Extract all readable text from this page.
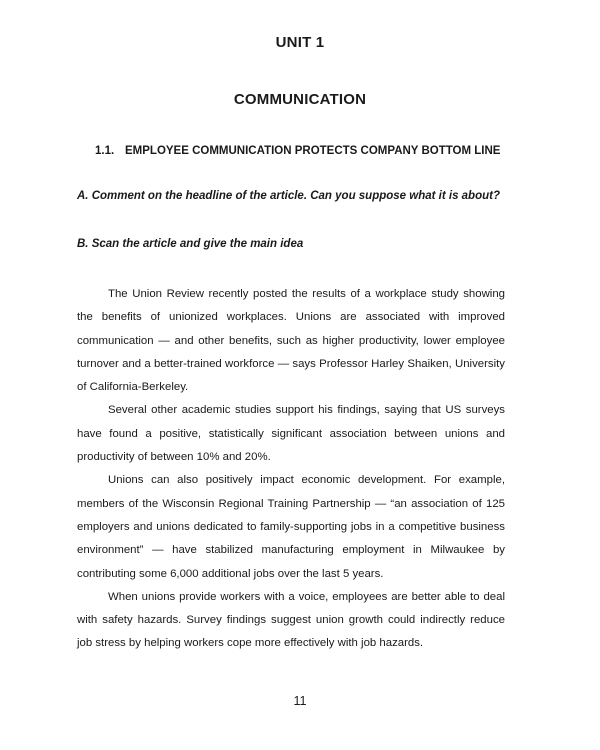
UNIT 1
COMMUNICATION
1.1. EMPLOYEE COMMUNICATION PROTECTS COMPANY BOTTOM LINE
A. Comment on the headline of the article. Can you suppose what it is about?
B. Scan the article and give the main idea

The Union Review recently posted the results of a workplace study showing the benefits of unionized workplaces. Unions are associated with improved communication — and other benefits, such as higher productivity, lower employee turnover and a better-trained workforce — says Professor Harley Shaiken, University of California-Berkeley.

Several other academic studies support his findings, saying that US surveys have found a positive, statistically significant association between unions and productivity of between 10% and 20%.

Unions can also positively impact economic development. For example, members of the Wisconsin Regional Training Partnership — “an association of 125 employers and unions dedicated to family-supporting jobs in a competitive business environment” — have stabilized manufacturing employment in Milwaukee by contributing some 6,000 additional jobs over the last 5 years.

When unions provide workers with a voice, employees are better able to deal with safety hazards. Survey findings suggest union growth could indirectly reduce job stress by helping workers cope more effectively with job hazards.

11
